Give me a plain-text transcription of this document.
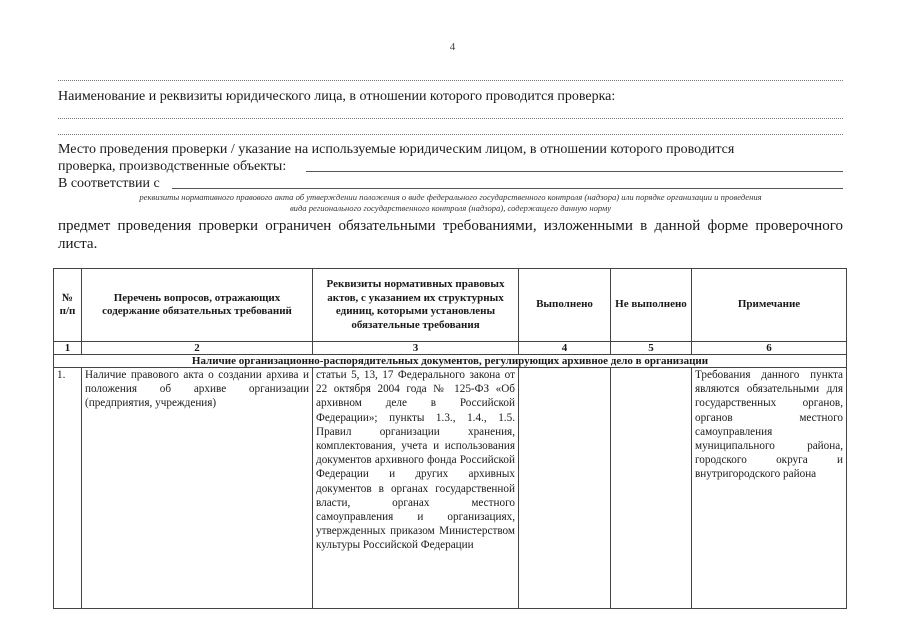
4
Наименование и реквизиты юридического лица, в отношении которого проводится проверка:
Место проведения проверки / указание на используемые юридическим лицом, в отношении которого проводится
проверка, производственные объекты:
В соответствии с
реквизиты нормативного правового акта об утверждении положения о виде федерального государственного контроля (надзора) или порядке организации и проведения
вида регионального государственного контроля (надзора), содержащего данную норму
предмет проведения проверки ограничен обязательными требованиями, изложенными в данной форме проверочного листа.
№ п/п	Перечень вопросов, отражающих содержание обязательных требований	Реквизиты нормативных правовых актов, с указанием их структурных единиц, которыми установлены обязательные требования	Выполнено	Не выполнено	Примечание
1	2	3	4	5	6
Наличие организационно-распорядительных документов, регулирующих архивное дело в организации					
1.	Наличие правового акта о создании архива и положения об архиве организации (предприятия, учреждения)	статьи 5, 13, 17 Федерального закона от 22 октября 2004 года № 125-ФЗ «Об архивном деле в Российской Федерации»; пункты 1.3., 1.4., 1.5. Правил организации хранения, комплектования, учета и использования документов архивного фонда Российской Федерации и других архивных документов в органах государственной власти, органах местного самоуправления и организациях, утвержденных приказом Министерством культуры Российской Федерации			Требования данного пункта являются обязательными для государственных органов, органов местного самоуправления муниципального района, городского округа и внутригородского района
